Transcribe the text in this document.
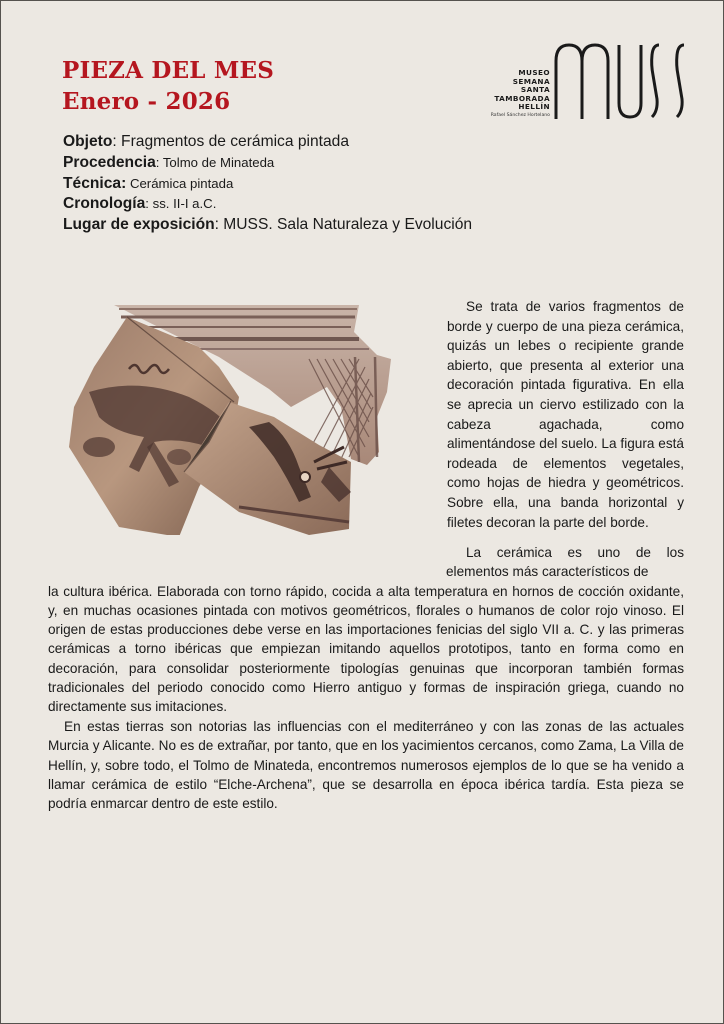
PIEZA DEL MES
Enero - 2026
MUSEO
SEMANA
SANTA
TAMBORADA
HELLÍN
Rafael Sánchez Hortelano
Objeto: Fragmentos de cerámica pintada
Procedencia: Tolmo de Minateda
Técnica: Cerámica pintada
Cronología: ss. II-I a.C.
Lugar de exposición: MUSS. Sala Naturaleza y Evolución

Se trata de varios fragmentos de borde y cuerpo de una pieza cerámica, quizás un lebes o recipiente grande abierto, que presenta al exterior una decoración pintada figurativa. En ella se aprecia un ciervo estilizado con la cabeza agachada, como alimentándose del suelo. La figura está rodeada de elementos vegetales, como hojas de hiedra y geométricos. Sobre ella, una banda horizontal y filetes decoran la parte del borde.

La cerámica es uno de los elementos más característicos de

la cultura ibérica. Elaborada con torno rápido, cocida a alta temperatura en hornos de cocción oxidante, y, en muchas ocasiones pintada con motivos geométricos, florales o humanos de color rojo vinoso. El origen de estas producciones debe verse en las importaciones fenicias del siglo VII a. C. y las primeras cerámicas a torno ibéricas que empiezan imitando aquellos prototipos, tanto en forma como en decoración, para consolidar posteriormente tipologías genuinas que incorporan también formas tradicionales del periodo conocido como Hierro antiguo y formas de inspiración griega, cuando no directamente sus imitaciones.

En estas tierras son notorias las influencias con el mediterráneo y con las zonas de las actuales Murcia y Alicante. No es de extrañar, por tanto, que en los yacimientos cercanos, como Zama, La Villa de Hellín, y, sobre todo, el Tolmo de Minateda, encontremos numerosos ejemplos de lo que se ha venido a llamar cerámica de estilo “Elche-Archena”, que se desarrolla en época ibérica tardía. Esta pieza se podría enmarcar dentro de este estilo.
